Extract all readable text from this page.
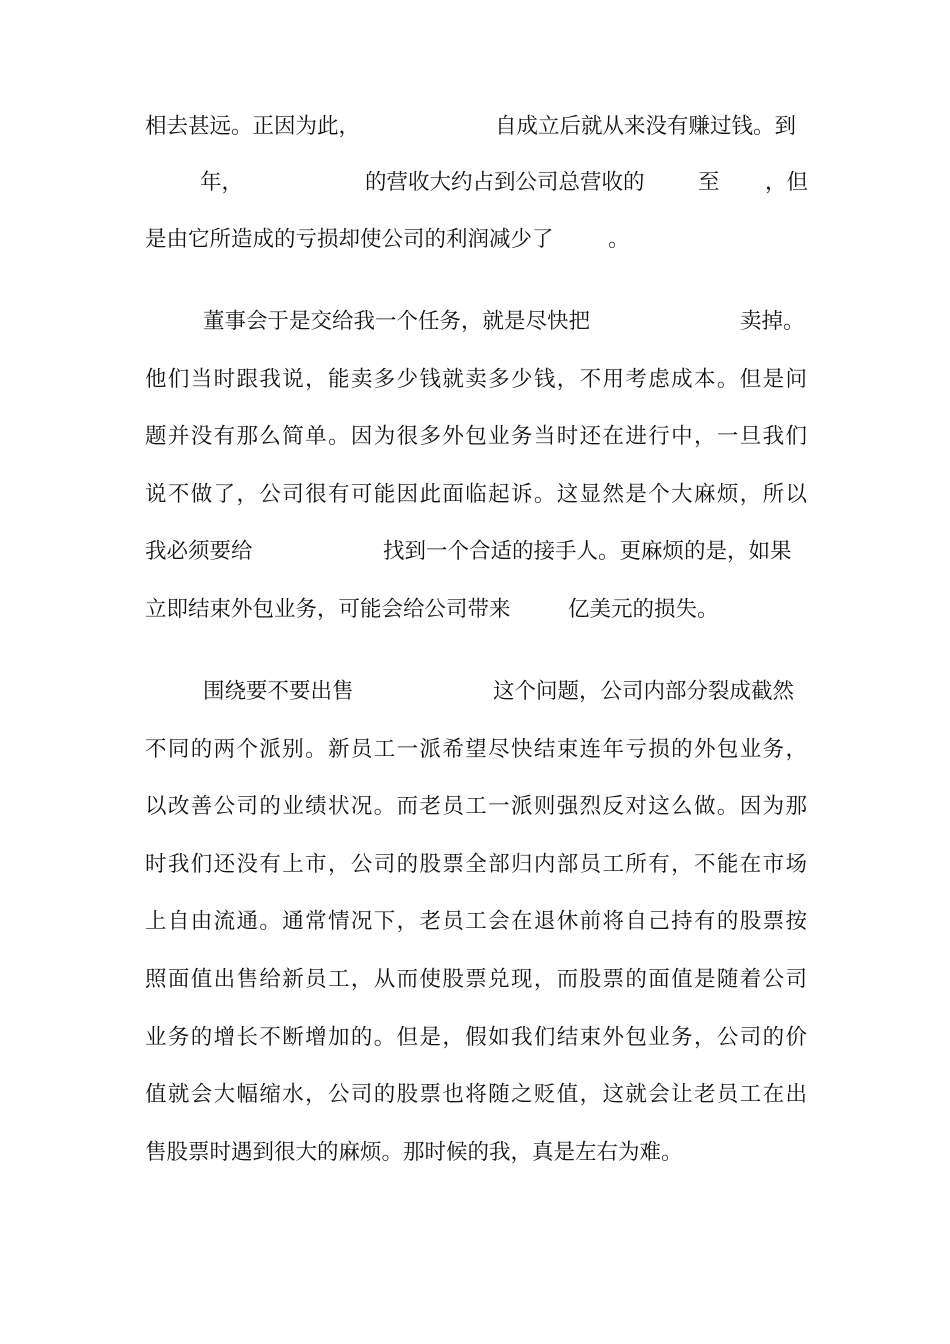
相去甚远。正因为此，	自成立后就从来没有赚过钱。到
年，	的营收大约占到公司总营收的 至 ，但
是由它所造成的亏损却使公司的利润减少了	。
董事会于是交给我一个任务，就是尽快把	卖掉。
他们当时跟我说，能卖多少钱就卖多少钱，不用考虑成本。但是问
题并没有那么简单。因为很多外包业务当时还在进行中，一旦我们
说不做了，公司很有可能因此面临起诉。这显然是个大麻烦，所以
我必须要给	找到一个合适的接手人。更麻烦的是，如果
立即结束外包业务，可能会给公司带来	亿美元的损失。
围绕要不要出售	这个问题，公司内部分裂成截然
不同的两个派别。新员工一派希望尽快结束连年亏损的外包业务，
以改善公司的业绩状况。而老员工一派则强烈反对这么做。因为那
时我们还没有上市，公司的股票全部归内部员工所有，不能在市场
上自由流通。通常情况下，老员工会在退休前将自己持有的股票按
照面值出售给新员工，从而使股票兑现，而股票的面值是随着公司
业务的增长不断增加的。但是，假如我们结束外包业务，公司的价
值就会大幅缩水，公司的股票也将随之贬值，这就会让老员工在出
售股票时遇到很大的麻烦。那时候的我，真是左右为难。
